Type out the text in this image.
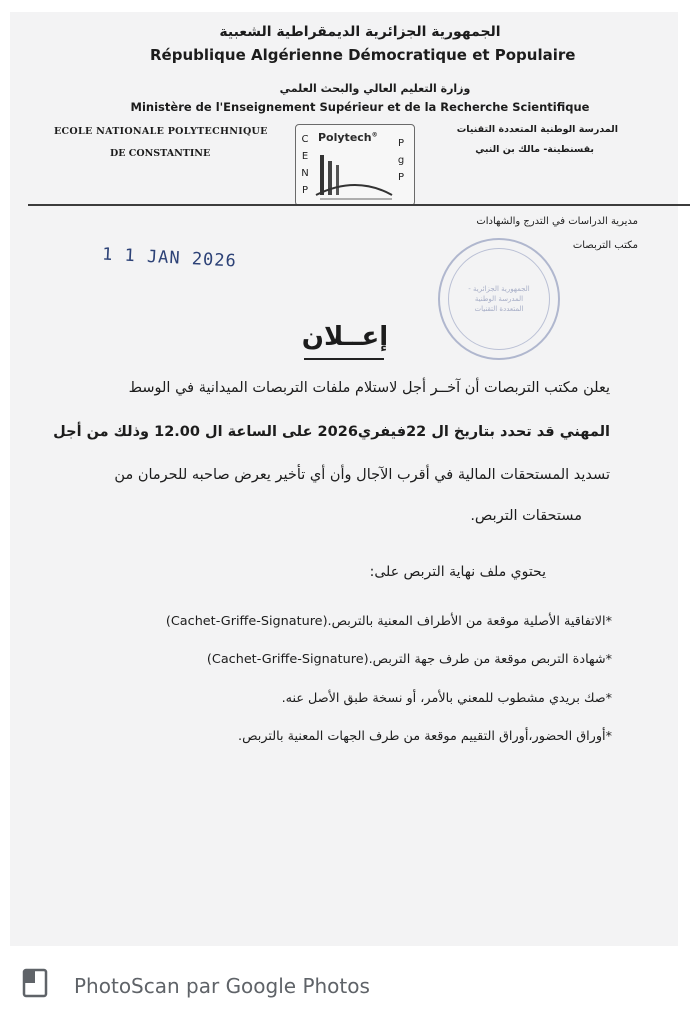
الجمهورية الجزائرية الديمقراطية الشعبية
République Algérienne Démocratique et Populaire
وزارة التعليم العالي والبحث العلمي
Ministère de l'Enseignement Supérieur et de la Recherche Scientifique
ECOLE NATIONALE POLYTECHNIQUE
DE CONSTANTINE
المدرسة الوطنية المتعددة التقنيات
بقسنطينة- مالك بن النبي
Polytech®
C
E
N
P
P
g
P
مديرية الدراسات في التدرج والشهادات
مكتب التربصات
1 1 JAN 2026
الجمهورية الجزائرية - المدرسة الوطنية المتعددة التقنيات
إعــلان
يعلن مكتب التربصات أن آخــر أجل لاستلام ملفات التربصات الميدانية في الوسط
المهني قد تحدد بتاريخ ال 22فيفري2026 على الساعة ال 12.00 وذلك من أجل
تسديد المستحقات المالية في أقرب الآجال وأن أي تأخير يعرض صاحبه للحرمان من
مستحقات التربص.
يحتوي ملف نهاية التربص على:
*الاتفاقية الأصلية موقعة من الأطراف المعنية بالتربص.(Cachet-Griffe-Signature)
*شهادة التربص موقعة من طرف جهة التربص.(Cachet-Griffe-Signature)
*صك بريدي مشطوب للمعني بالأمر، أو نسخة طبق الأصل عنه.
*أوراق الحضور،أوراق التقييم موقعة من طرف الجهات المعنية بالتربص.
PhotoScan par Google Photos
